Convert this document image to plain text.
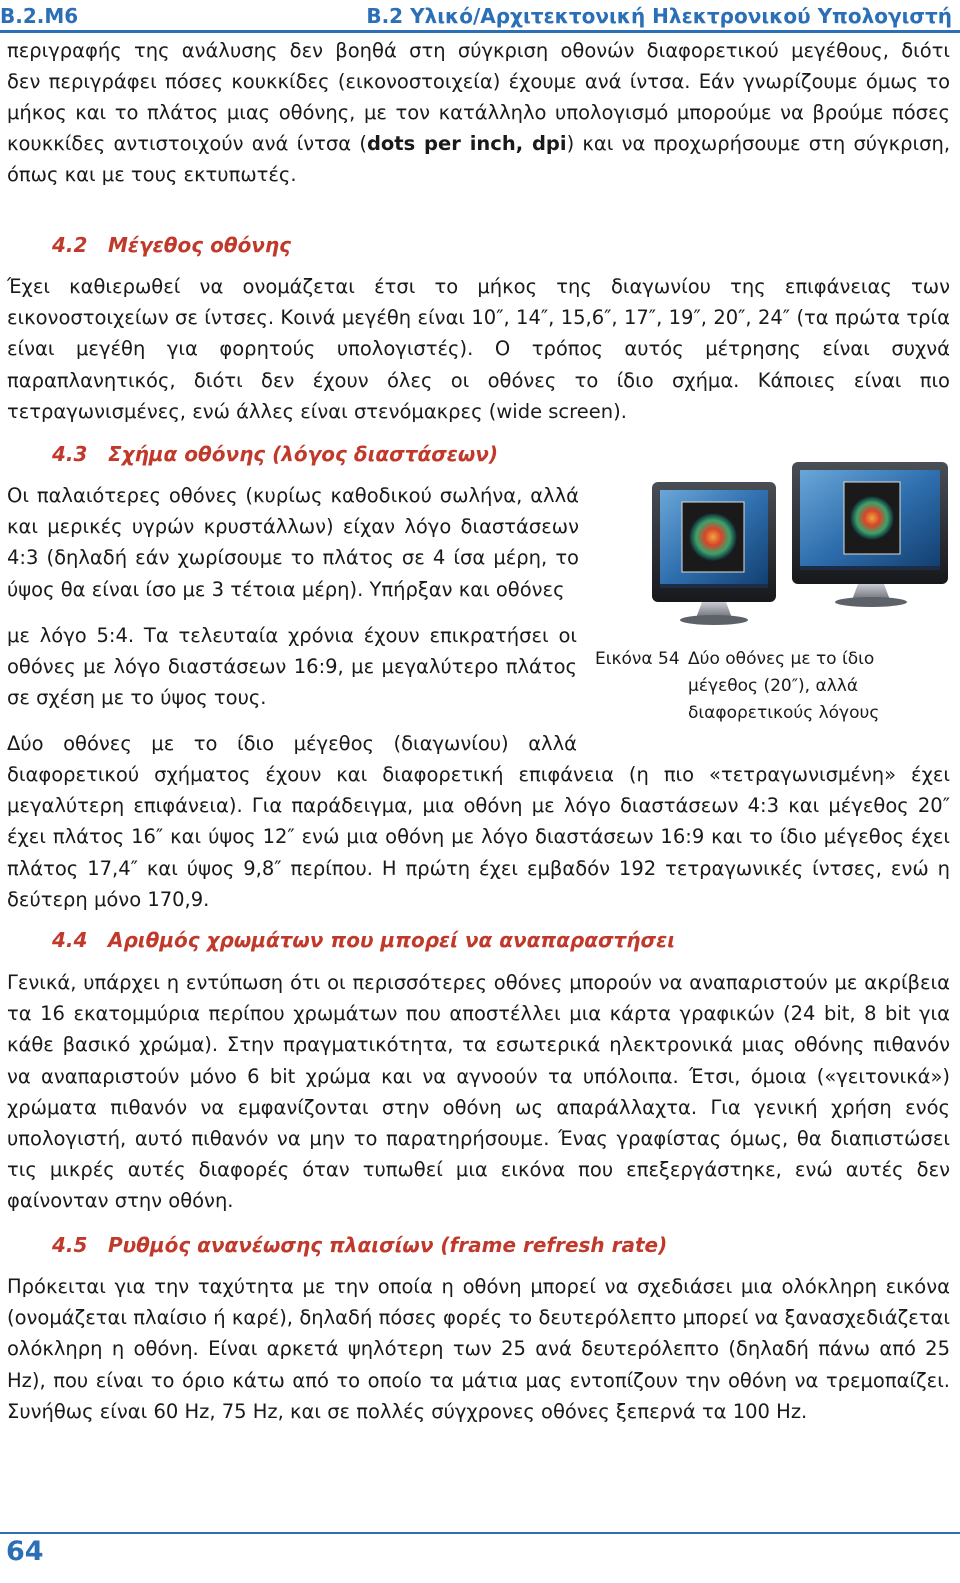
B.2.M6	B.2 Υλικό/Αρχιτεκτονική Ηλεκτρονικού Υπολογιστή

περιγραφής της ανάλυσης δεν βοηθά στη σύγκριση οθονών διαφορετικού μεγέθους, διότι

δεν περιγράφει πόσες κουκκίδες (εικονοστοιχεία) έχουμε ανά ίντσα. Εάν γνωρίζουμε όμως το

μήκος και το πλάτος μιας οθόνης, με τον κατάλληλο υπολογισμό μπορούμε να βρούμε πόσες

κουκκίδες αντιστοιχούν ανά ίντσα (dots per inch, dpi) και να προχωρήσουμε στη σύγκριση,

όπως και με τους εκτυπωτές.

4.2 Μέγεθος οθόνης

Έχει καθιερωθεί να ονομάζεται έτσι το μήκος της διαγωνίου της επιφάνειας των εικονοστοιχείων σε ίντσες. Κοινά μεγέθη είναι 10″, 14″, 15,6″, 17″, 19″, 20″, 24″ (τα πρώτα τρία είναι μεγέθη για φορητούς υπολογιστές). Ο τρόπος αυτός μέτρησης είναι συχνά παραπλανητικός, διότι δεν έχουν όλες οι οθόνες το ίδιο σχήμα. Κάποιες είναι πιο τετραγωνισμένες, ενώ άλλες είναι στενόμακρες (wide screen).

4.3 Σχήμα οθόνης (λόγος διαστάσεων)

Οι παλαιότερες οθόνες (κυρίως καθοδικού σωλήνα, αλλά και μερικές υγρών κρυστάλλων) είχαν λόγο διαστάσεων 4:3 (δηλαδή εάν χωρίσουμε το πλάτος σε 4 ίσα μέρη, το ύψος θα είναι ίσο με 3 τέτοια μέρη). Υπήρξαν και οθόνες

με λόγο 5:4. Τα τελευταία χρόνια έχουν επικρατήσει οι οθόνες με λόγο διαστάσεων 16:9, με μεγαλύτερο πλάτος σε σχέση με το ύψος τους.

Δύο οθόνες με το ίδιο μέγεθος (διαγωνίου) αλλά

διαφορετικού σχήματος έχουν και διαφορετική επιφάνεια (η πιο «τετραγωνισμένη» έχει μεγαλύτερη επιφάνεια). Για παράδειγμα, μια οθόνη με λόγο διαστάσεων 4:3 και μέγεθος 20″ έχει πλάτος 16″ και ύψος 12″ ενώ μια οθόνη με λόγο διαστάσεων 16:9 και το ίδιο μέγεθος έχει πλάτος 17,4″ και ύψος 9,8″ περίπου. Η πρώτη έχει εμβαδόν 192 τετραγωνικές ίντσες, ενώ η δεύτερη μόνο 170,9.

Εικόνα 54 Δύο οθόνες με το ίδιο μέγεθος (20″), αλλά διαφορετικούς λόγους
4.4 Αριθμός χρωμάτων που μπορεί να αναπαραστήσει

Γενικά, υπάρχει η εντύπωση ότι οι περισσότερες οθόνες μπορούν να αναπαριστούν με ακρίβεια τα 16 εκατομμύρια περίπου χρωμάτων που αποστέλλει μια κάρτα γραφικών (24 bit, 8 bit για κάθε βασικό χρώμα). Στην πραγματικότητα, τα εσωτερικά ηλεκτρονικά μιας οθόνης πιθανόν να αναπαριστούν μόνο 6 bit χρώμα και να αγνοούν τα υπόλοιπα. Έτσι, όμοια («γειτονικά») χρώματα πιθανόν να εμφανίζονται στην οθόνη ως απαράλλαχτα. Για γενική χρήση ενός υπολογιστή, αυτό πιθανόν να μην το παρατηρήσουμε. Ένας γραφίστας όμως, θα διαπιστώσει τις μικρές αυτές διαφορές όταν τυπωθεί μια εικόνα που επεξεργάστηκε, ενώ αυτές δεν φαίνονταν στην οθόνη.

4.5 Ρυθμός ανανέωσης πλαισίων (frame refresh rate)

Πρόκειται για την ταχύτητα με την οποία η οθόνη μπορεί να σχεδιάσει μια ολόκληρη εικόνα (ονομάζεται πλαίσιο ή καρέ), δηλαδή πόσες φορές το δευτερόλεπτο μπορεί να ξανασχεδιάζεται ολόκληρη η οθόνη. Είναι αρκετά ψηλότερη των 25 ανά δευτερόλεπτο (δηλαδή πάνω από 25 Hz), που είναι το όριο κάτω από το οποίο τα μάτια μας εντοπίζουν την οθόνη να τρεμοπαίζει. Συνήθως είναι 60 Hz, 75 Hz, και σε πολλές σύγχρονες οθόνες ξεπερνά τα 100 Hz.

64
